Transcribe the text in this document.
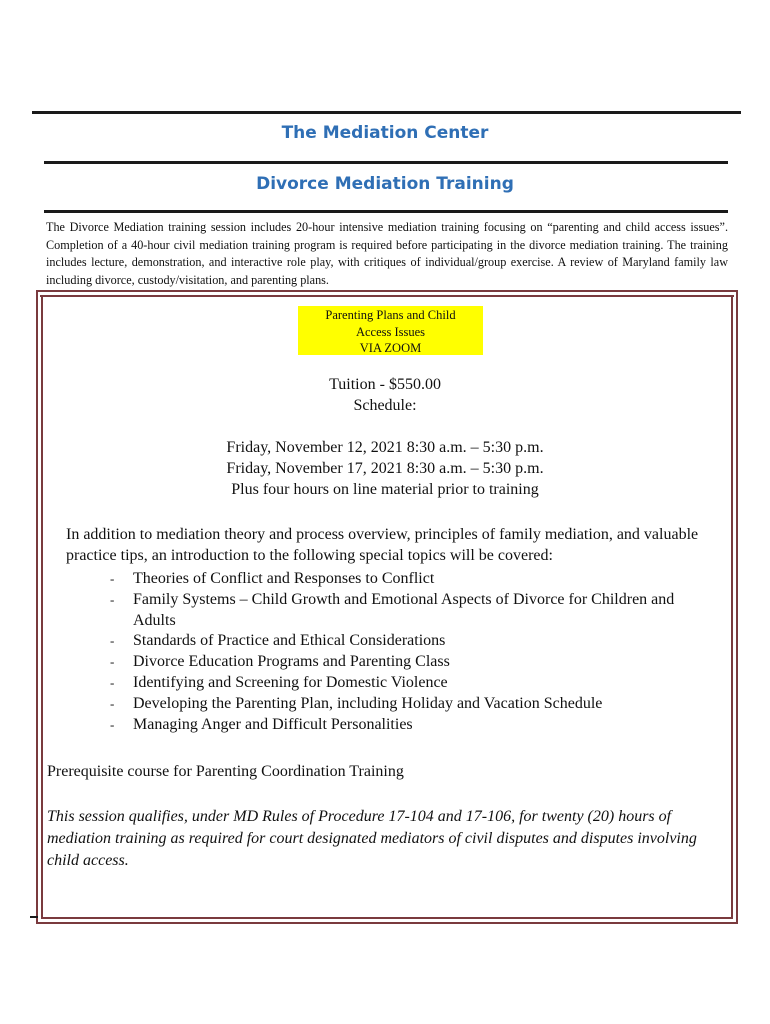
The Mediation Center
Divorce Mediation Training
The Divorce Mediation training session includes 20-hour intensive mediation training focusing on “parenting and child access issues”. Completion of a 40-hour civil mediation training program is required before participating in the divorce mediation training. The training includes lecture, demonstration, and interactive role play, with critiques of individual/group exercise. A review of Maryland family law including divorce, custody/visitation, and parenting plans.
Parenting Plans and Child
Access Issues
VIA ZOOM
Tuition - $550.00
Schedule:
Friday, November 12, 2021 8:30 a.m. – 5:30 p.m.
Friday, November 17, 2021 8:30 a.m. – 5:30 p.m.
Plus four hours on line material prior to training
In addition to mediation theory and process overview, principles of family mediation, and valuable practice tips, an introduction to the following special topics will be covered:
- Theories of Conflict and Responses to Conflict
- Family Systems – Child Growth and Emotional Aspects of Divorce for Children and Adults
- Standards of Practice and Ethical Considerations
- Divorce Education Programs and Parenting Class
- Identifying and Screening for Domestic Violence
- Developing the Parenting Plan, including Holiday and Vacation Schedule
- Managing Anger and Difficult Personalities
Prerequisite course for Parenting Coordination Training
This session qualifies, under MD Rules of Procedure 17-104 and 17-106, for twenty (20) hours of mediation training as required for court designated mediators of civil disputes and disputes involving child access.
